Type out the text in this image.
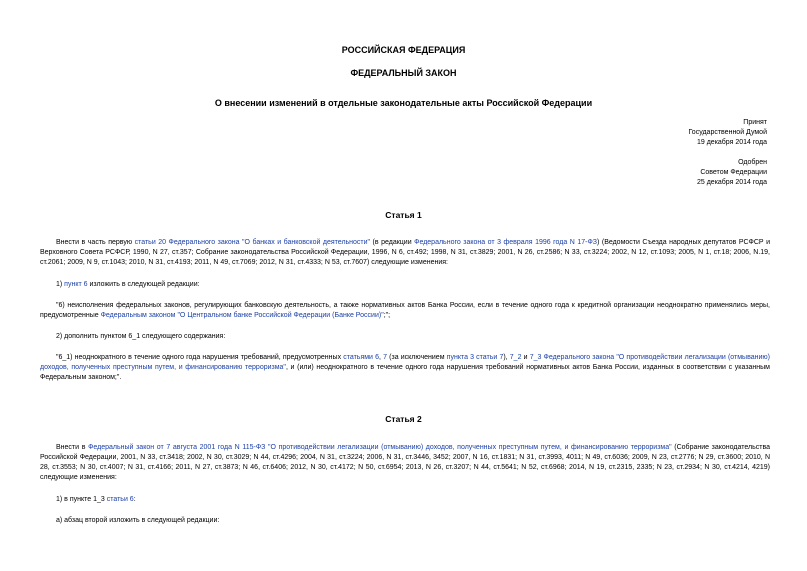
РОССИЙСКАЯ ФЕДЕРАЦИЯ
ФЕДЕРАЛЬНЫЙ ЗАКОН
О внесении изменений в отдельные законодательные акты Российской Федерации
Принят
Государственной Думой
19 декабря 2014 года
Одобрен
Советом Федерации
25 декабря 2014 года
Статья 1
Внести в часть первую статьи 20 Федерального закона "О банках и банковской деятельности" (в редакции Федерального закона от 3 февраля 1996 года N 17-ФЗ) (Ведомости Съезда народных депутатов РСФСР и Верховного Совета РСФСР, 1990, N 27, ст.357; Собрание законодательства Российской Федерации, 1996, N 6, ст.492; 1998, N 31, ст.3829; 2001, N 26, ст.2586; N 33, ст.3224; 2002, N 12, ст.1093; 2005, N 1, ст.18; 2006, N.19, ст.2061; 2009, N 9, ст.1043; 2010, N 31, ст.4193; 2011, N 49, ст.7069; 2012, N 31, ст.4333; N 53, ст.7607) следующие изменения:
1) пункт 6 изложить в следующей редакции:
"6) неисполнения федеральных законов, регулирующих банковскую деятельность, а также нормативных актов Банка России, если в течение одного года к кредитной организации неоднократно применялись меры, предусмотренные Федеральным законом "О Центральном банке Российской Федерации (Банке России)";";
2) дополнить пунктом 6_1 следующего содержания:
"6_1) неоднократного в течение одного года нарушения требований, предусмотренных статьями 6, 7 (за исключением пункта 3 статьи 7), 7_2 и 7_3 Федерального закона "О противодействии легализации (отмыванию) доходов, полученных преступным путем, и финансированию терроризма", и (или) неоднократного в течение одного года нарушения требований нормативных актов Банка России, изданных в соответствии с указанным Федеральным законом;".
Статья 2
Внести в Федеральный закон от 7 августа 2001 года N 115-ФЗ "О противодействии легализации (отмыванию) доходов, полученных преступным путем, и финансированию терроризма" (Собрание законодательства Российской Федерации, 2001, N 33, ст.3418; 2002, N 30, ст.3029; N 44, ст.4296; 2004, N 31, ст.3224; 2006, N 31, ст.3446, 3452; 2007, N 16, ст.1831; N 31, ст.3993, 4011; N 49, ст.6036; 2009, N 23, ст.2776; N 29, ст.3600; 2010, N 28, ст.3553; N 30, ст.4007; N 31, ст.4166; 2011, N 27, ст.3873; N 46, ст.6406; 2012, N 30, ст.4172; N 50, ст.6954; 2013, N 26, ст.3207; N 44, ст.5641; N 52, ст.6968; 2014, N 19, ст.2315, 2335; N 23, ст.2934; N 30, ст.4214, 4219) следующие изменения:
1) в пункте 1_3 статьи 6:
а) абзац второй изложить в следующей редакции:
